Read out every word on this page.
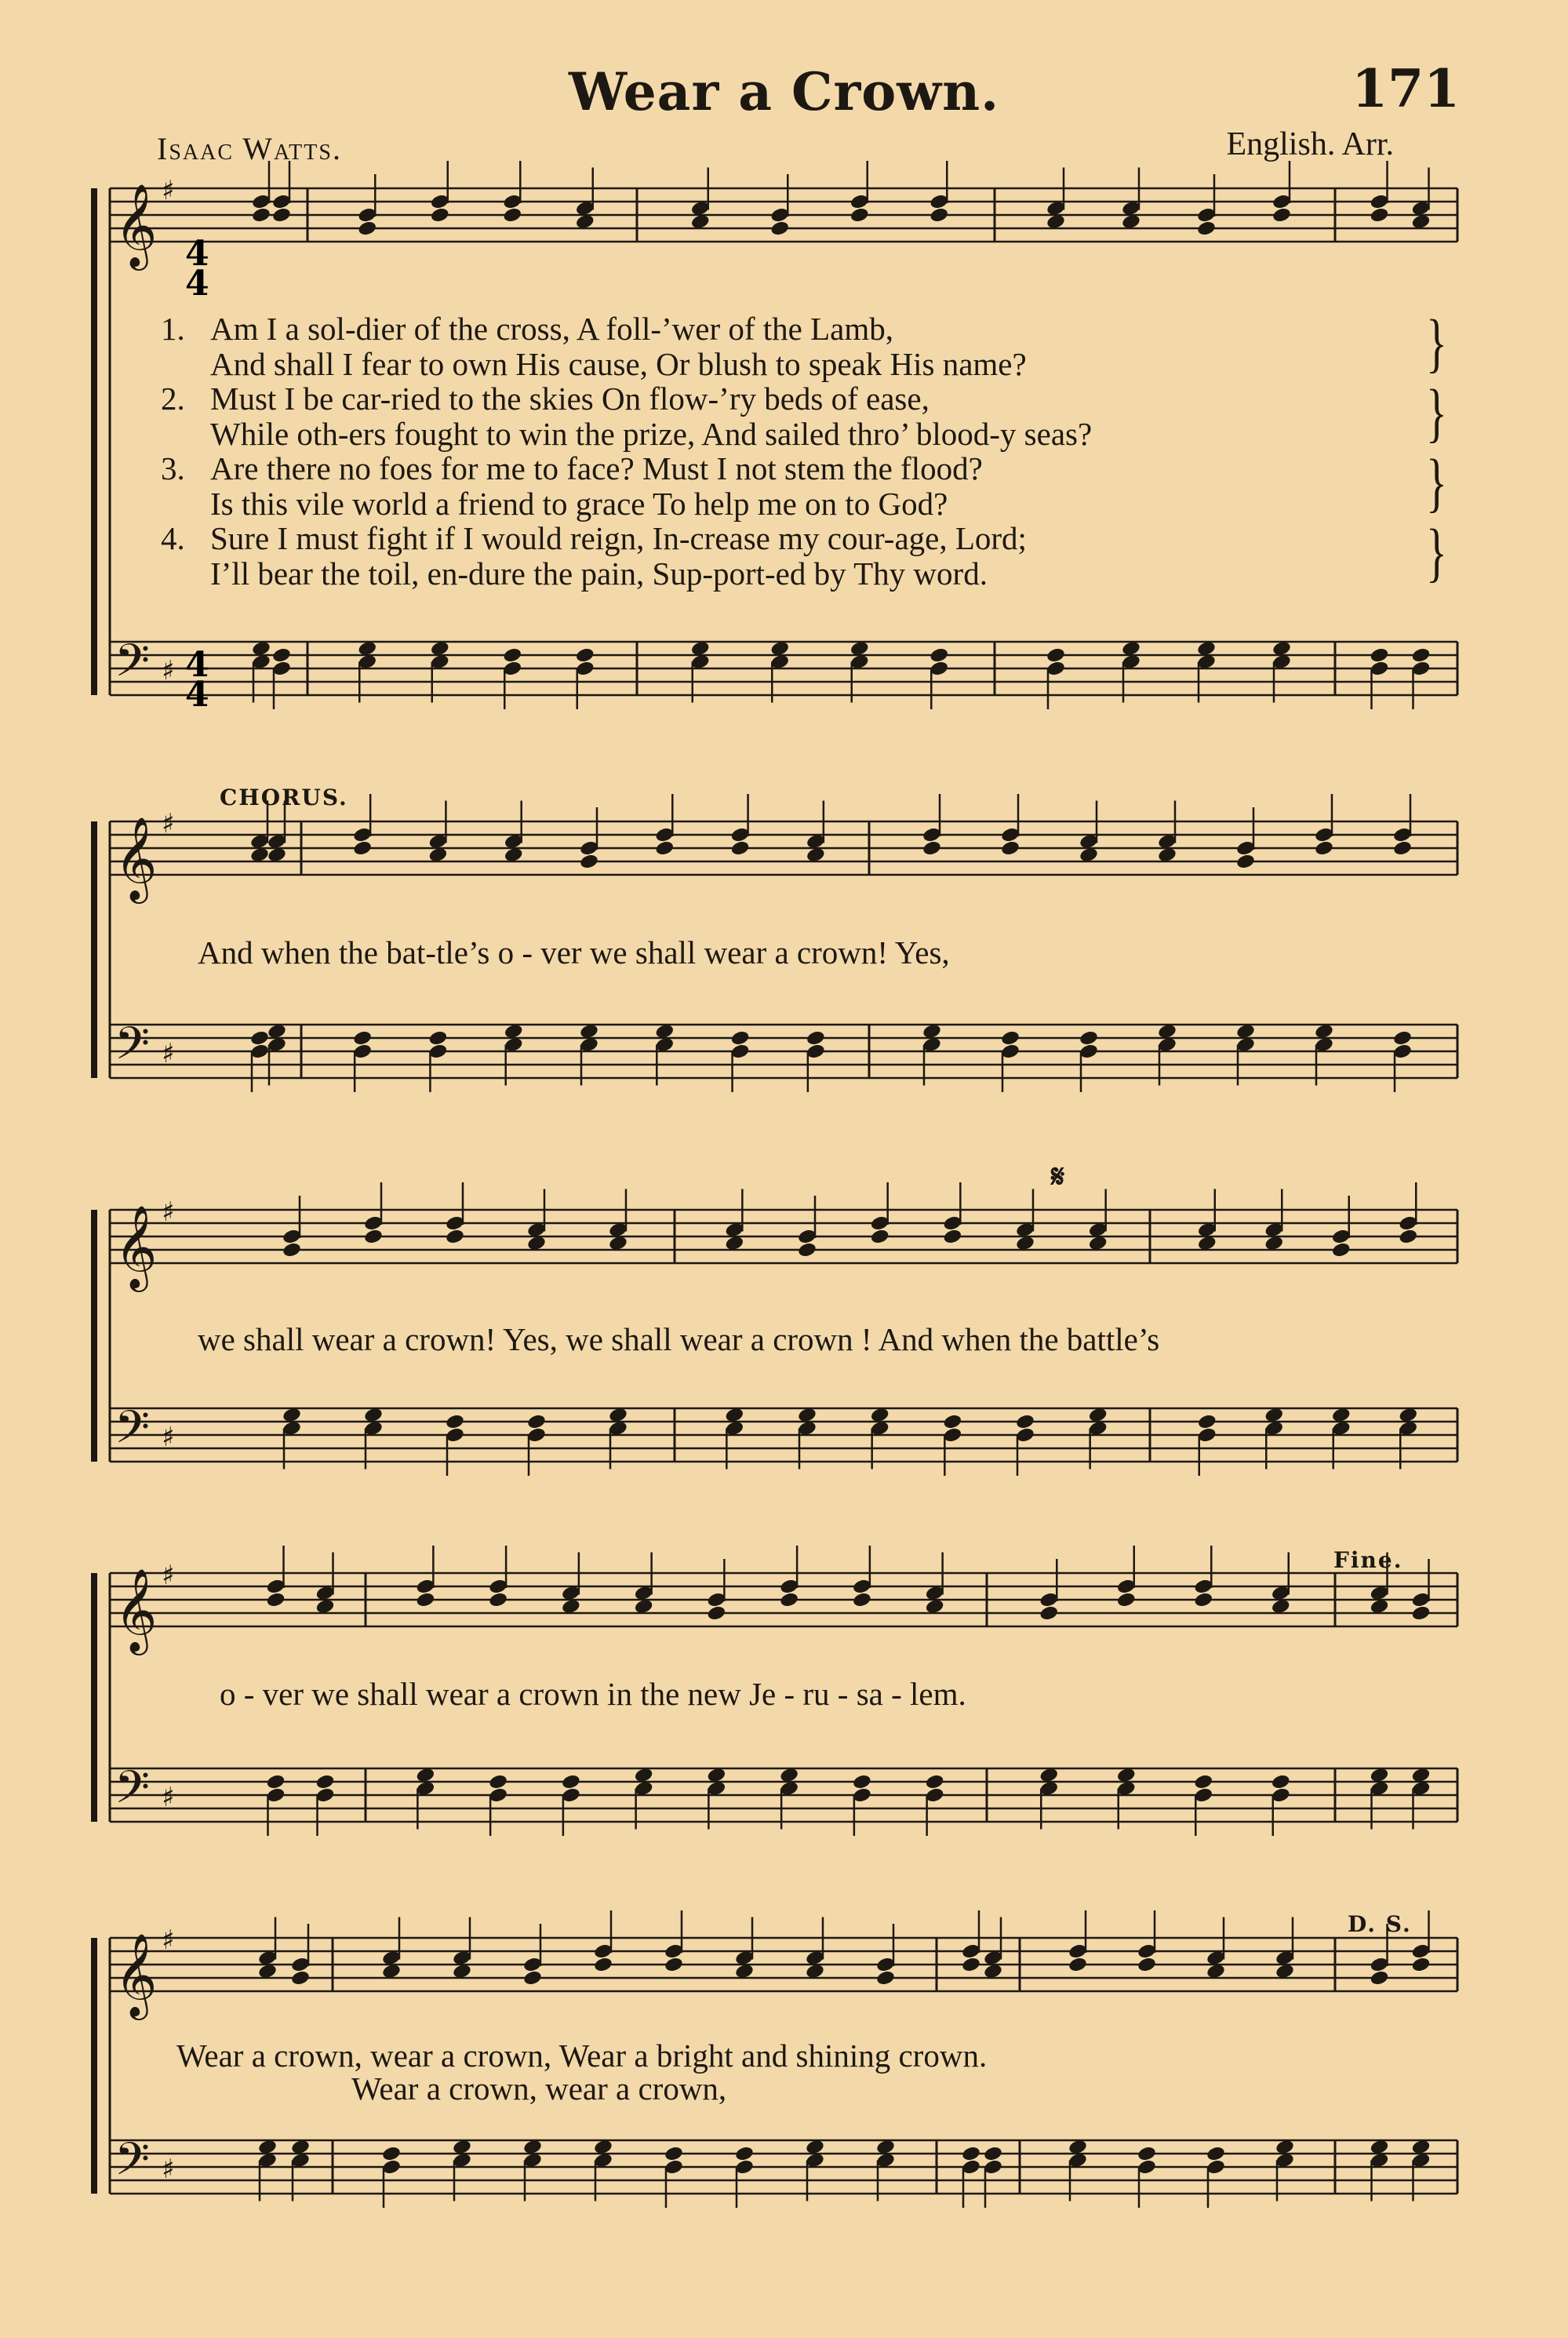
Wear a Crown.	171
Isaac Watts.	English. Arr.
𝄞
𝄢
♯
♯
𝄞
𝄢
♯
♯
𝄞
𝄢
♯
♯
𝄞
𝄢
♯
♯
𝄞
𝄢
♯
♯
4
4
4
4
1. Am I a sol-dier of the cross, A foll-’wer of the Lamb,
And shall I fear to own His cause, Or blush to speak His name?	}
2. Must I be car-ried to the skies On flow-’ry beds of ease,
While oth-ers fought to win the prize, And sailed thro’ blood-y seas?	}
3. Are there no foes for me to face? Must I not stem the flood?
Is this vile world a friend to grace To help me on to God?	}
4. Sure I must fight if I would reign, In-crease my cour-age, Lord;
I’ll bear the toil, en-dure the pain, Sup-port-ed by Thy word.	}
CHORUS.
𝄋
Fine.
D. S.
And when the bat-tle’s o - ver we shall wear a crown! Yes,
we shall wear a crown! Yes, we shall wear a crown ! And when the battle’s
o - ver we shall wear a crown in the new Je - ru - sa - lem.
Wear a crown, wear a crown, Wear a bright and shining crown.
Wear a crown, wear a crown,
